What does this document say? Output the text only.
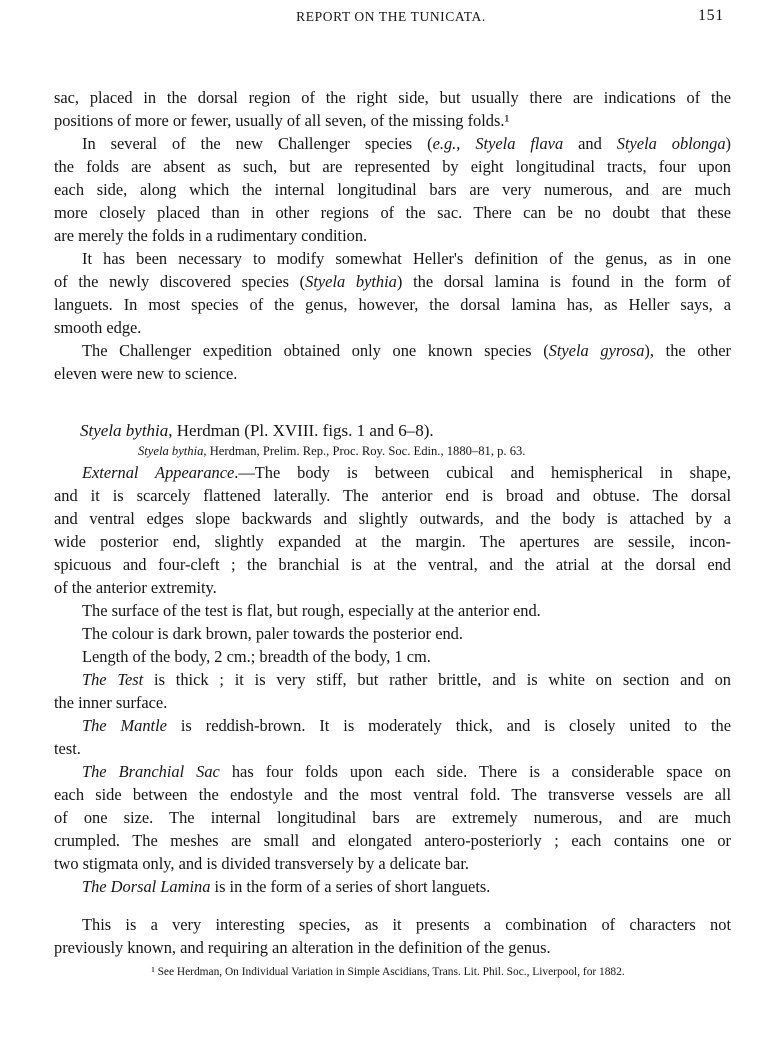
REPORT ON THE TUNICATA.	151
sac, placed in the dorsal region of the right side, but usually there are indications of the
positions of more or fewer, usually of all seven, of the missing folds.¹
In several of the new Challenger species (e.g., Styela flava and Styela oblonga)
the folds are absent as such, but are represented by eight longitudinal tracts, four upon
each side, along which the internal longitudinal bars are very numerous, and are much
more closely placed than in other regions of the sac. There can be no doubt that these
are merely the folds in a rudimentary condition.
It has been necessary to modify somewhat Heller's definition of the genus, as in one
of the newly discovered species (Styela bythia) the dorsal lamina is found in the form of
languets. In most species of the genus, however, the dorsal lamina has, as Heller says, a
smooth edge.
The Challenger expedition obtained only one known species (Styela gyrosa), the other
eleven were new to science.
Styela bythia, Herdman (Pl. XVIII. figs. 1 and 6–8).
Styela bythia, Herdman, Prelim. Rep., Proc. Roy. Soc. Edin., 1880–81, p. 63.
External Appearance.—The body is between cubical and hemispherical in shape,
and it is scarcely flattened laterally. The anterior end is broad and obtuse. The dorsal
and ventral edges slope backwards and slightly outwards, and the body is attached by a
wide posterior end, slightly expanded at the margin. The apertures are sessile, incon-
spicuous and four-cleft ; the branchial is at the ventral, and the atrial at the dorsal end
of the anterior extremity.
The surface of the test is flat, but rough, especially at the anterior end.
The colour is dark brown, paler towards the posterior end.
Length of the body, 2 cm.; breadth of the body, 1 cm.
The Test is thick ; it is very stiff, but rather brittle, and is white on section and on
the inner surface.
The Mantle is reddish-brown. It is moderately thick, and is closely united to the
test.
The Branchial Sac has four folds upon each side. There is a considerable space on
each side between the endostyle and the most ventral fold. The transverse vessels are all
of one size. The internal longitudinal bars are extremely numerous, and are much
crumpled. The meshes are small and elongated antero-posteriorly ; each contains one or
two stigmata only, and is divided transversely by a delicate bar.
The Dorsal Lamina is in the form of a series of short languets.
This is a very interesting species, as it presents a combination of characters not
previously known, and requiring an alteration in the definition of the genus.
¹ See Herdman, On Individual Variation in Simple Ascidians, Trans. Lit. Phil. Soc., Liverpool, for 1882.
